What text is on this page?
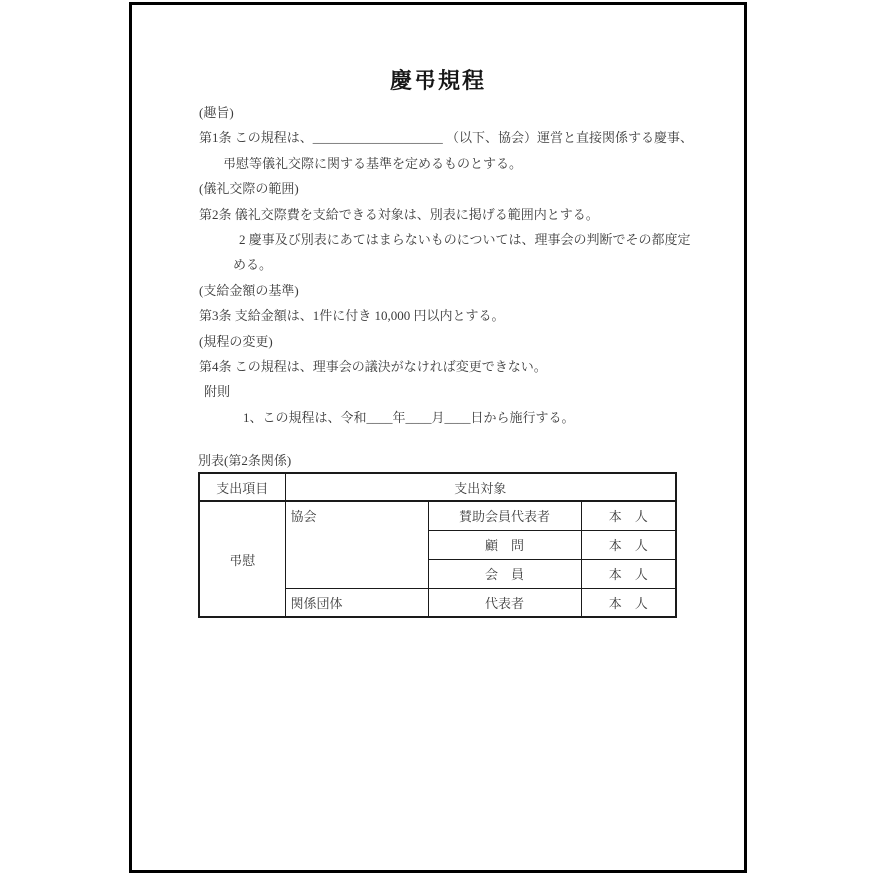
慶弔規程
(趣旨)
第1条 この規程は、____________________ （以下、協会）運営と直接関係する慶事、
弔慰等儀礼交際に関する基準を定めるものとする。
(儀礼交際の範囲)
第2条 儀礼交際費を支給できる対象は、別表に掲げる範囲内とする。
2 慶事及び別表にあてはまらないものについては、理事会の判断でその都度定
める。
(支給金額の基準)
第3条 支給金額は、1件に付き 10,000 円以内とする。
(規程の変更)
第4条 この規程は、理事会の議決がなければ変更できない。
附則
1、この規程は、令和____年____月____日から施行する。
別表(第2条関係)
支出項目	支出対象		
弔慰	協会	賛助会員代表者	本　人
		顧　問	本　人
		会　員	本　人
	関係団体	代表者	本　人
